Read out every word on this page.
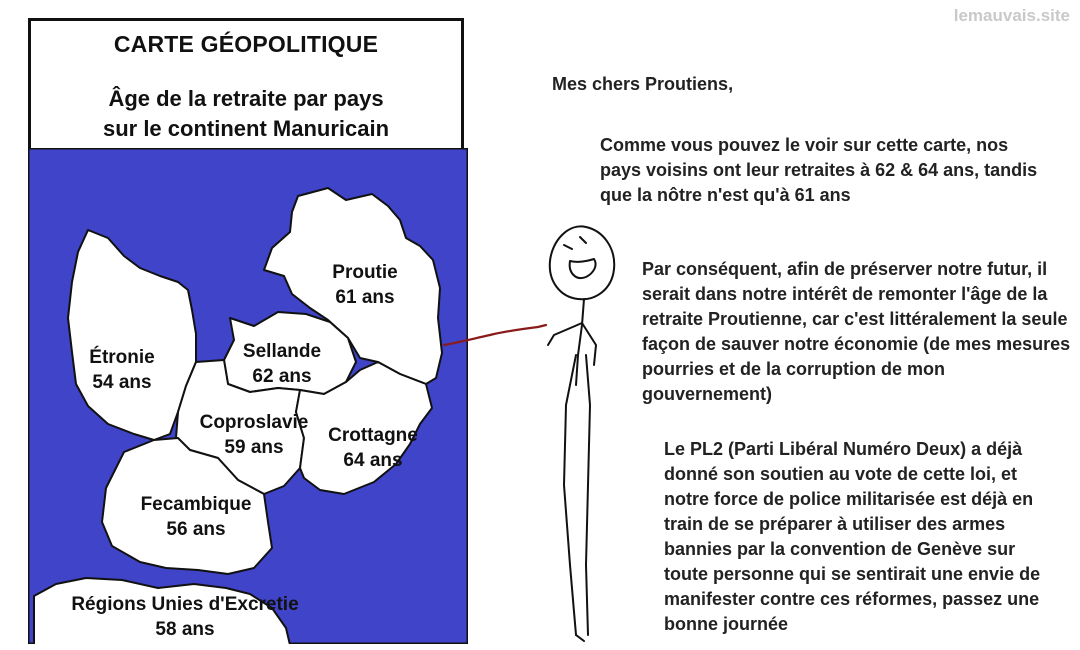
lemauvais.site
CARTE GÉOPOLITIQUE
Âge de la retraite par pays
sur le continent Manuricain
Proutie
61 ans
Étronie
54 ans
Sellande
62 ans
Coproslavie
59 ans
Crottagne
64 ans
Fecambique
56 ans
Régions Unies d'Excretie
58 ans
Mes chers Proutiens,
Comme vous pouvez le voir sur cette carte, nos pays voisins ont leur retraites à 62 & 64 ans, tandis que la nôtre n'est qu'à 61 ans
Par conséquent, afin de préserver notre futur, il serait dans notre intérêt de remonter l'âge de la retraite Proutienne, car c'est littéralement la seule façon de sauver notre économie (de mes mesures pourries et de la corruption de mon gouvernement)
Le PL2 (Parti Libéral Numéro Deux) a déjà donné son soutien au vote de cette loi, et notre force de police militarisée est déjà en train de se préparer à utiliser des armes bannies par la convention de Genève sur toute personne qui se sentirait une envie de manifester contre ces réformes, passez une bonne journée
